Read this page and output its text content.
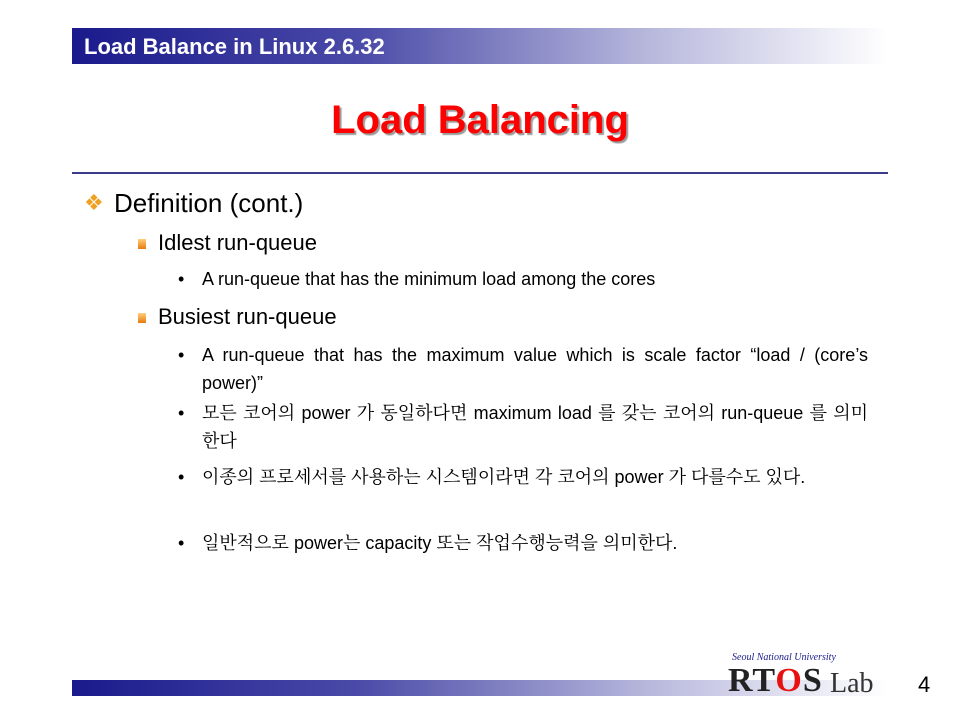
Load Balance in Linux 2.6.32
Load Balancing
❖ Definition (cont.)
Idlest run-queue
• A run-queue that has the minimum load among the cores
Busiest run-queue
• A run-queue that has the maximum value which is scale factor “load / (core’s power)”
• 모든 코어의 power 가 동일하다면 maximum load 를 갖는 코어의 run-queue 를 의미한다
• 이종의 프로세서를 사용하는 시스템이라면 각 코어의 power 가 다를수도 있다.
• 일반적으로 power는 capacity 또는 작업수행능력을 의미한다.
Seoul National University
RTOS Lab 4
